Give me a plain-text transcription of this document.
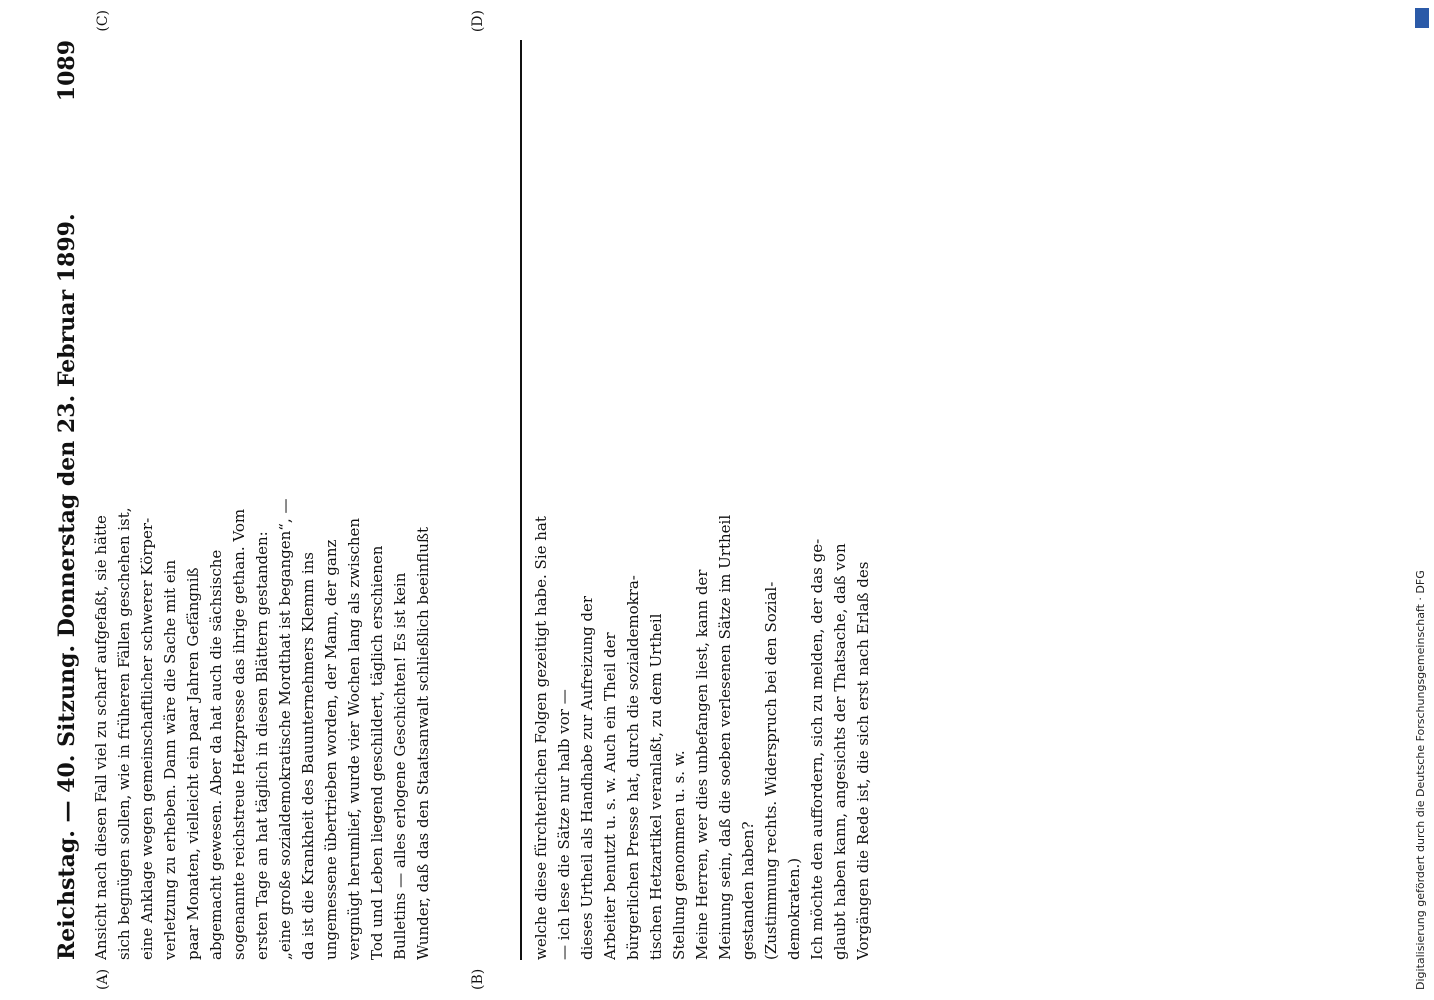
Reichstag. — 40. Sitzung. Donnerstag den 23. Februar 1899.
1089
Ansicht nach diesen Fall viel zu scharf aufgefaßt, sie hätte sich begnügen sollen, wie in früheren Fällen geschehen ist, eine Anklage wegen gemeinschaftlicher schwerer Körper- verletzung zu erheben. Dann wäre die Sache mit ein paar Monaten, vielleicht ein paar Jahren Gefängniß abgemacht gewesen. Aber da hat auch die sächsische sogenannte reichstreue Hetzpresse das ihrige gethan. Vom ersten Tage an hat täglich in diesen Blättern gestanden: „eine große sozialdemokratische Mordthat ist begangen“, — da ist die Krankheit des Bauunternehmers Klemm ins ungemessene übertrieben worden, der Mann, der ganz vergnügt herumlief, wurde vier Wochen lang als zwischen Tod und Leben liegend geschildert, täglich erschienen Bulletins — alles erlogene Geschichten! Es ist kein Wunder, daß das den Staatsanwalt schließlich beeinflußt	welche diese fürchterlichen Folgen gezeitigt habe. Sie hat — ich lese die Sätze nur halb vor — dieses Urtheil als Handhabe zur Aufreizung der Arbeiter benutzt u. s. w. Auch ein Theil der bürgerlichen Presse hat, durch die sozialdemokra- tischen Hetzartikel veranlaßt, zu dem Urtheil Stellung genommen u. s. w. Meine Herren, wer dies unbefangen liest, kann der Meinung sein, daß die soeben verlesenen Sätze im Urtheil gestanden haben? (Zustimmung rechts. Widerspruch bei den Sozial- demokraten.) Ich möchte den auffordern, sich zu melden, der das ge- glaubt haben kann, angesichts der Thatsache, daß von Vorgängen die Rede ist, die sich erst nach Erlaß des
(A)	(B)
(C)	(D)
Digitalisierung gefördert durch die Deutsche Forschungsgemeinschaft · DFG
